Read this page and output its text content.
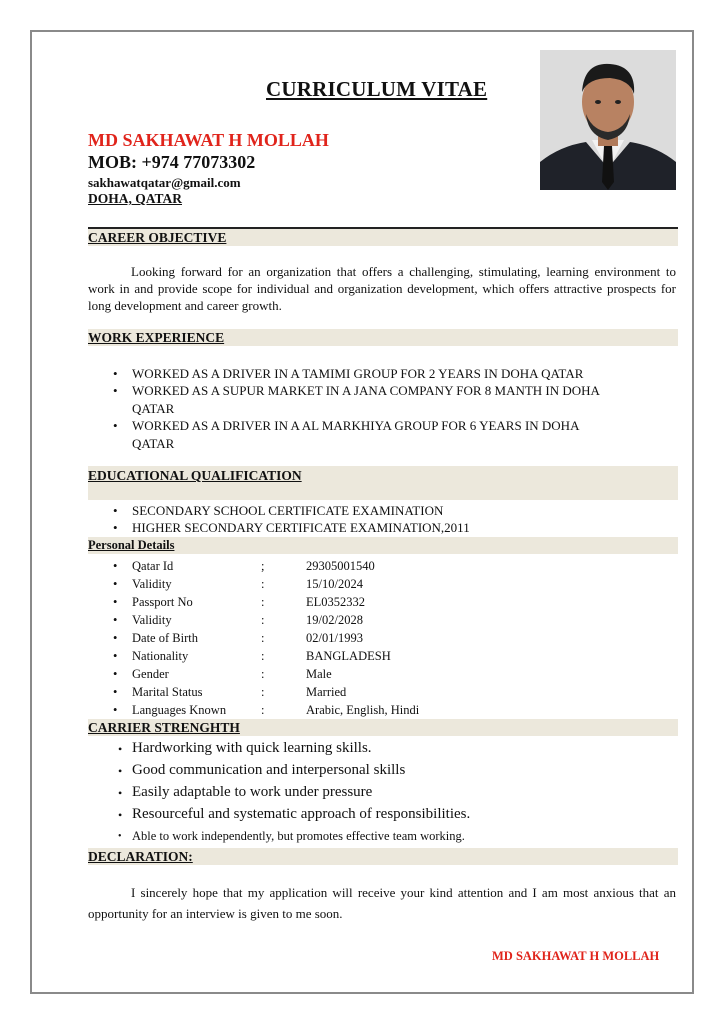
CURRICULUM VITAE
MD SAKHAWAT H MOLLAH
MOB: +974 77073302
sakhawatqatar@gmail.com
DOHA, QATAR
CAREER OBJECTIVE
Looking forward for an organization that offers a challenging, stimulating, learning environment to work in and provide scope for individual and organization development, which offers attractive prospects for long development and career growth.
WORK EXPERIENCE
• WORKED AS A DRIVER IN A TAMIMI GROUP FOR 2 YEARS IN DOHA QATAR
• WORKED AS A SUPUR MARKET IN A JANA COMPANY FOR 8 MANTH IN DOHA
QATAR
• WORKED AS A DRIVER IN A AL MARKHIYA GROUP FOR 6 YEARS IN DOHA
QATAR
EDUCATIONAL QUALIFICATION
• SECONDARY SCHOOL CERTIFICATE EXAMINATION
• HIGHER SECONDARY CERTIFICATE EXAMINATION,2011
Personal Details
• Qatar Id	;	29305001540
• Validity	:	15/10/2024
• Passport No	:	EL0352332
• Validity	:	19/02/2028
• Date of Birth	:	02/01/1993
• Nationality	:	BANGLADESH
• Gender	:	Male
• Marital Status	:	Married
• Languages Known	:	Arabic, English, Hindi
CARRIER STRENGHTH
• Hardworking with quick learning skills.
• Good communication and interpersonal skills
• Easily adaptable to work under pressure
• Resourceful and systematic approach of responsibilities.
• Able to work independently, but promotes effective team working.
DECLARATION:
I sincerely hope that my application will receive your kind attention and I am most anxious that an opportunity for an interview is given to me soon.
MD SAKHAWAT H MOLLAH
